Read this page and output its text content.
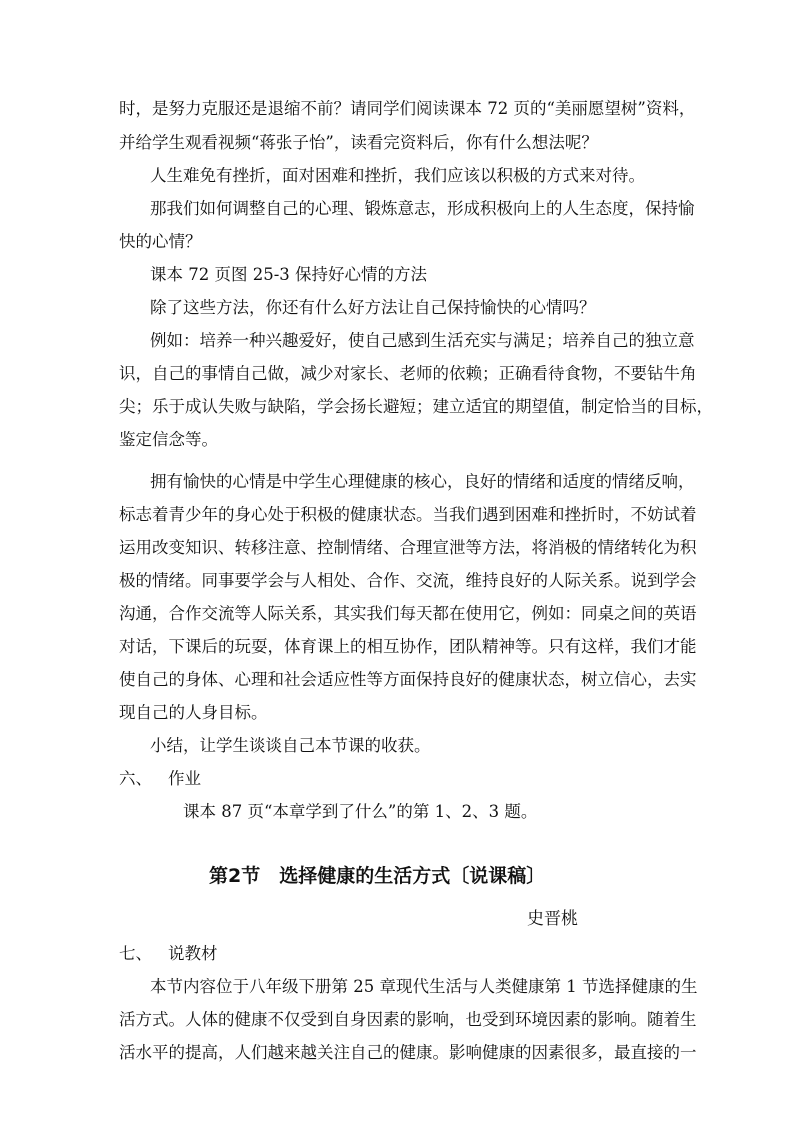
时，是努力克服还是退缩不前？请同学们阅读课本 72 页的“美丽愿望树”资料，
并给学生观看视频“蒋张子怡”，读看完资料后，你有什么想法呢？
人生难免有挫折，面对困难和挫折，我们应该以积极的方式来对待。
那我们如何调整自己的心理、锻炼意志，形成积极向上的人生态度，保持愉
快的心情？
课本 72 页图 25-3 保持好心情的方法
除了这些方法，你还有什么好方法让自己保持愉快的心情吗？
例如：培养一种兴趣爱好，使自己感到生活充实与满足；培养自己的独立意
识，自己的事情自己做，减少对家长、老师的依赖；正确看待食物，不要钻牛角
尖；乐于成认失败与缺陷，学会扬长避短；建立适宜的期望值，制定恰当的目标，
鉴定信念等。
拥有愉快的心情是中学生心理健康的核心，良好的情绪和适度的情绪反响，
标志着青少年的身心处于积极的健康状态。当我们遇到困难和挫折时，不妨试着
运用改变知识、转移注意、控制情绪、合理宣泄等方法，将消极的情绪转化为积
极的情绪。同事要学会与人相处、合作、交流，维持良好的人际关系。说到学会
沟通，合作交流等人际关系，其实我们每天都在使用它，例如：同桌之间的英语
对话，下课后的玩耍，体育课上的相互协作，团队精神等。只有这样，我们才能
使自己的身体、心理和社会适应性等方面保持良好的健康状态，树立信心，去实
现自己的人身目标。
小结，让学生谈谈自己本节课的收获。
六、 作业
课本 87 页“本章学到了什么”的第 1、2、3 题。
第2节　选择健康的生活方式〔说课稿〕
史晋桃
七、 说教材
本节内容位于八年级下册第 25 章现代生活与人类健康第 1 节选择健康的生
活方式。人体的健康不仅受到自身因素的影响，也受到环境因素的影响。随着生
活水平的提高，人们越来越关注自己的健康。影响健康的因素很多，最直接的一
